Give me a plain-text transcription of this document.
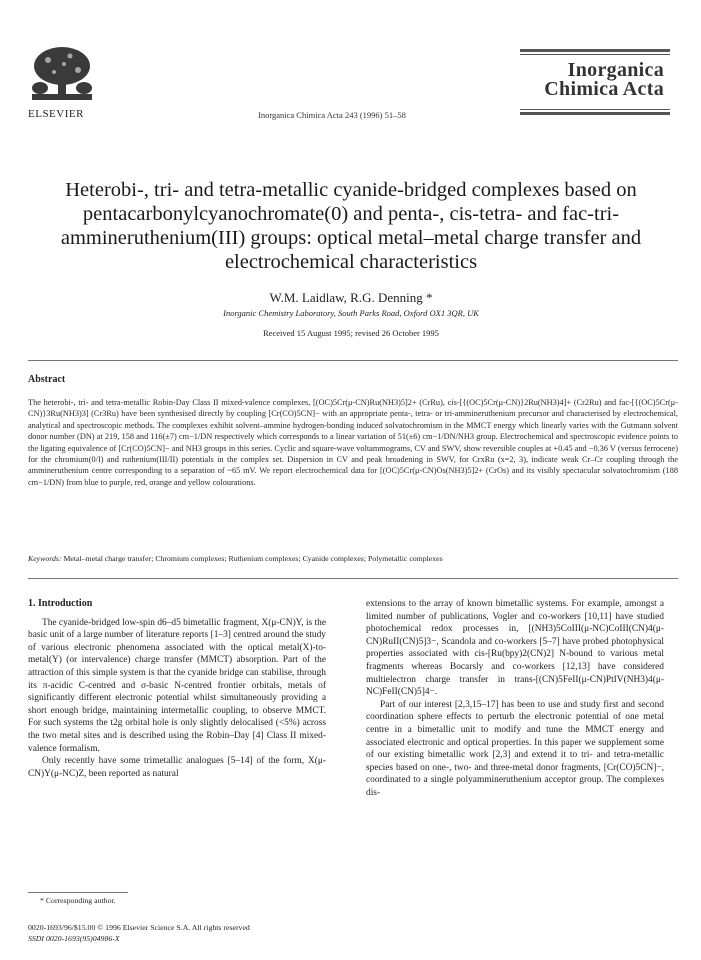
ELSEVIER	Inorganica Chimica Acta 243 (1996) 51–58
Inorganica
Chimica Acta
Heterobi-, tri- and tetra-metallic cyanide-bridged complexes based on pentacarbonylcyanochromate(0) and penta-, cis-tetra- and fac-tri-ammineruthenium(III) groups: optical metal–metal charge transfer and electrochemical characteristics
W.M. Laidlaw, R.G. Denning *
Inorganic Chemistry Laboratory, South Parks Road, Oxford OX1 3QR, UK
Received 15 August 1995; revised 26 October 1995
Abstract
The heterobi-, tri- and tetra-metallic Robin-Day Class II mixed-valence complexes, [(OC)5Cr(μ-CN)Ru(NH3)5]2+ (CrRu), cis-[{(OC)5Cr(μ-CN)}2Ru(NH3)4]+ (Cr2Ru) and fac-[{(OC)5Cr(μ-CN)}3Ru(NH3)3] (Cr3Ru) have been synthesised directly by coupling [Cr(CO)5CN]− with an appropriate penta-, tetra- or tri-ammineruthenium precursor and characterised by electrochemical, analytical and spectroscopic methods. The complexes exhibit solvent–ammine hydrogen-bonding induced solvatochromism in the MMCT energy which linearly varies with the Gutmann solvent donor number (DN) at 219, 158 and 116(±7) cm−1/DN respectively which corresponds to a linear variation of 51(±6) cm−1/DN/NH3 group. Electrochemical and spectroscopic evidence points to the ligating equivalence of [Cr(CO)5CN]− and NH3 groups in this series. Cyclic and square-wave voltammograms, CV and SWV, show reversible couples at +0.45 and −0.36 V (versus ferrocene) for the chromium(0/I) and ruthenium(III/II) potentials in the complex set. Dispersion in CV and peak broadening in SWV, for CrxRu (x=2, 3), indicate weak Cr–Cr coupling through the ammineruthenium centre corresponding to a separation of ~65 mV. We report electrochemical data for [(OC)5Cr(μ-CN)Os(NH3)5]2+ (CrOs) and its visibly spectacular solvatochromism (188 cm−1/DN) from blue to purple, red, orange and yellow colourations.
Keywords: Metal–metal charge transfer; Chromium complexes; Ruthenium complexes; Cyanide complexes; Polymetallic complexes
1. Introduction

The cyanide-bridged low-spin d6–d5 bimetallic fragment, X(μ-CN)Y, is the basic unit of a large number of literature reports [1–3] centred around the study of various electronic phenomena associated with the optical metal(X)-to-metal(Y) (or intervalence) charge transfer (MMCT) absorption. Part of the attraction of this simple system is that the cyanide bridge can stabilise, through its π-acidic C-centred and σ-basic N-centred frontier orbitals, metals of significantly different electronic potential whilst simultaneously providing a short enough bridge, maintaining intermetallic coupling, to observe MMCT. For such systems the t2g orbital hole is only slightly delocalised (<5%) across the two metal sites and is described using the Robin–Day [4] Class II mixed-valence formalism.

Only recently have some trimetallic analogues [5–14] of the form, X(μ-CN)Y(μ-NC)Z, been reported as natural

extensions to the array of known bimetallic systems. For example, amongst a limited number of publications, Vogler and co-workers [10,11] have studied photochemical redox processes in, [(NH3)5CoIII(μ-NC)CoIII(CN)4(μ-CN)RuII(CN)5]3−, Scandola and co-workers [5–7] have probed photophysical properties associated with cis-[Ru(bpy)2(CN)2] N-bound to various metal fragments whereas Bocarsly and co-workers [12,13] have considered multielectron charge transfer in trans-[(CN)5FeII(μ-CN)PtIV(NH3)4(μ-NC)FeII(CN)5]4−.

Part of our interest [2,3,15–17] has been to use and study first and second coordination sphere effects to perturb the electronic potential of one metal centre in a bimetallic unit to modify and tune the MMCT energy and associated electronic and optical properties. In this paper we supplement some of our existing bimetallic work [2,3] and extend it to tri- and tetra-metallic species based on one-, two- and three-metal donor fragments, [Cr(CO)5CN]−, coordinated to a single polyammineruthenium acceptor group. The complexes dis-

* Corresponding author.
0020-1693/96/$15.00 © 1996 Elsevier Science S.A. All rights reserved
SSDI 0020-1693(95)04986-X
